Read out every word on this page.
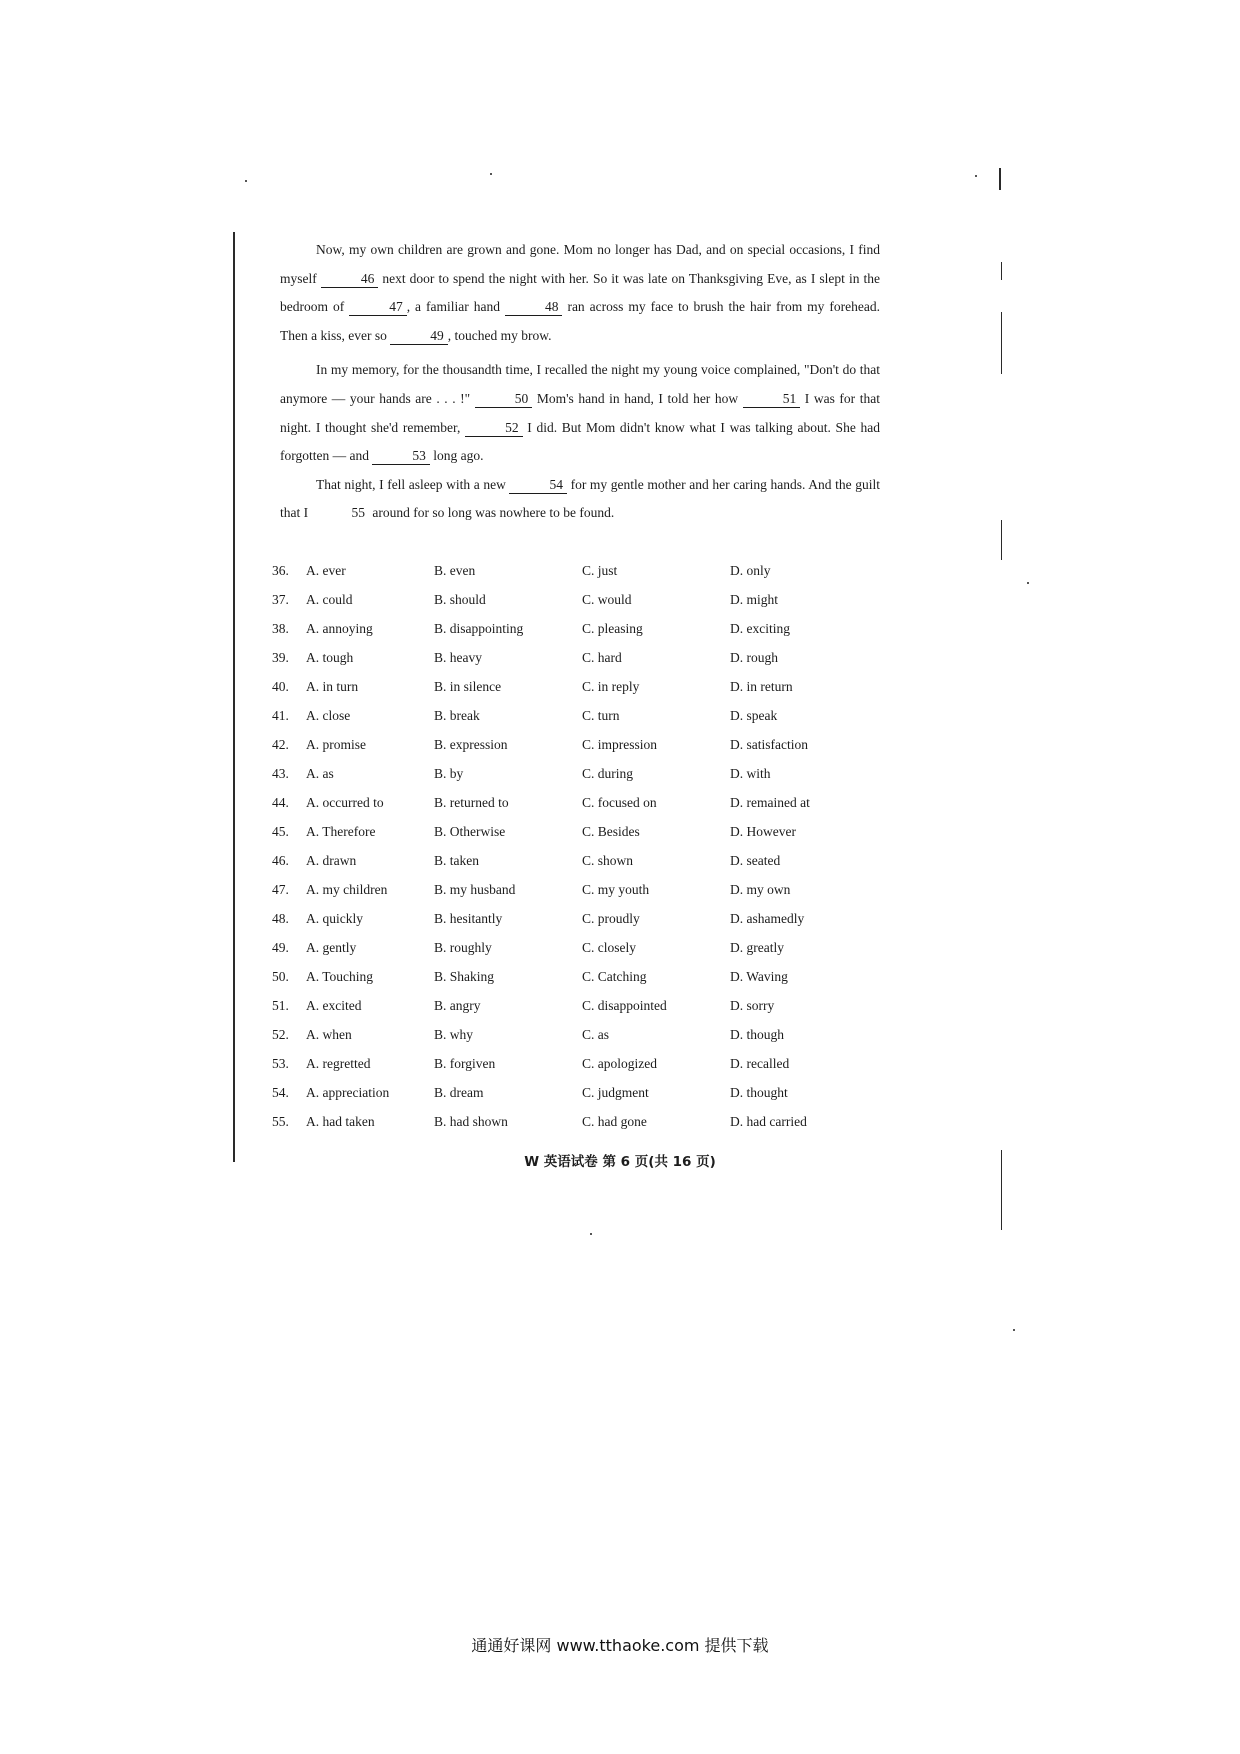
Now, my own children are grown and gone. Mom no longer has Dad, and on special occasions, I find myself	46 next door to spend the night with her. So it was late on Thanksgiving Eve, as I slept in the bedroom of	47 , a familiar hand	48 ran across my face to brush the hair from my forehead. Then a kiss, ever so	49 , touched my brow.

In my memory, for the thousandth time, I recalled the night my young voice complained, "Don't do that anymore — your hands are . . . !"	50 Mom's hand in hand, I told her how	51 I was for that night. I thought she'd remember,	52 I did. But Mom didn't know what I was talking about. She had forgotten — and	53 long ago.

That night, I fell asleep with a new	54 for my gentle mother and her caring hands. And the guilt that I	55 around for so long was nowhere to be found.

36.	A. ever	B. even	C. just	D. only
37.	A. could	B. should	C. would	D. might
38.	A. annoying	B. disappointing	C. pleasing	D. exciting
39.	A. tough	B. heavy	C. hard	D. rough
40.	A. in turn	B. in silence	C. in reply	D. in return
41.	A. close	B. break	C. turn	D. speak
42.	A. promise	B. expression	C. impression	D. satisfaction
43.	A. as	B. by	C. during	D. with
44.	A. occurred to	B. returned to	C. focused on	D. remained at
45.	A. Therefore	B. Otherwise	C. Besides	D. However
46.	A. drawn	B. taken	C. shown	D. seated
47.	A. my children	B. my husband	C. my youth	D. my own
48.	A. quickly	B. hesitantly	C. proudly	D. ashamedly
49.	A. gently	B. roughly	C. closely	D. greatly
50.	A. Touching	B. Shaking	C. Catching	D. Waving
51.	A. excited	B. angry	C. disappointed	D. sorry
52.	A. when	B. why	C. as	D. though
53.	A. regretted	B. forgiven	C. apologized	D. recalled
54.	A. appreciation	B. dream	C. judgment	D. thought
55.	A. had taken	B. had shown	C. had gone	D. had carried
W 英语试卷 第 6 页(共 16 页)
通通好课网 www.tthaoke.com 提供下载
